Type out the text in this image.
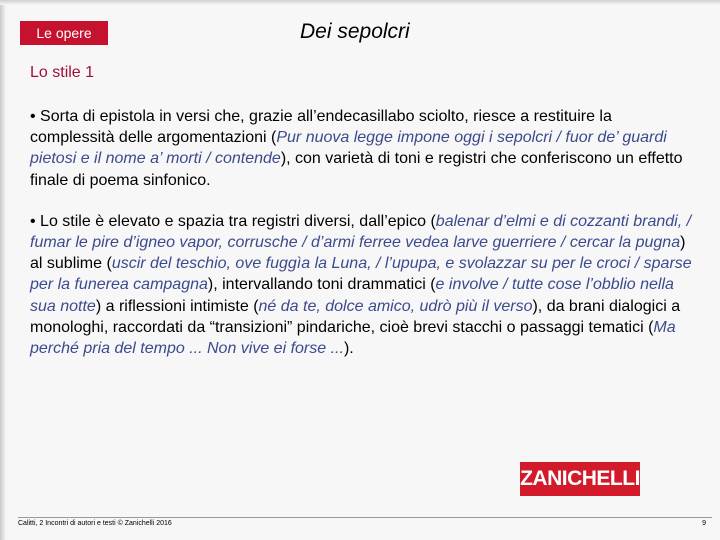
Le opere	Dei sepolcri
Lo stile 1

• Sorta di epistola in versi che, grazie all’endecasillabo sciolto, riesce a restituire la complessità delle argomentazioni (Pur nuova legge impone oggi i sepolcri / fuor de’ guardi pietosi e il nome a’ morti / contende), con varietà di toni e registri che conferiscono un effetto finale di poema sinfonico.

• Lo stile è elevato e spazia tra registri diversi, dall’epico (balenar d’elmi e di cozzanti brandi, / fumar le pire d’igneo vapor, corrusche / d’armi ferree vedea larve guerriere / cercar la pugna) al sublime (uscir del teschio, ove fuggìa la Luna, / l’upupa, e svolazzar su per le croci / sparse per la funerea campagna), intervallando toni drammatici (e involve / tutte cose l’obblio nella sua notte) a riflessioni intimiste (né da te, dolce amico, udrò più il verso), da brani dialogici a monologhi, raccordati da “transizioni” pindariche, cioè brevi stacchi o passaggi tematici (Ma perché pria del tempo ... Non vive ei forse ...).

ZANICHELLI
Calitti, 2 Incontri di autori e testi © Zanichelli 2016	9
